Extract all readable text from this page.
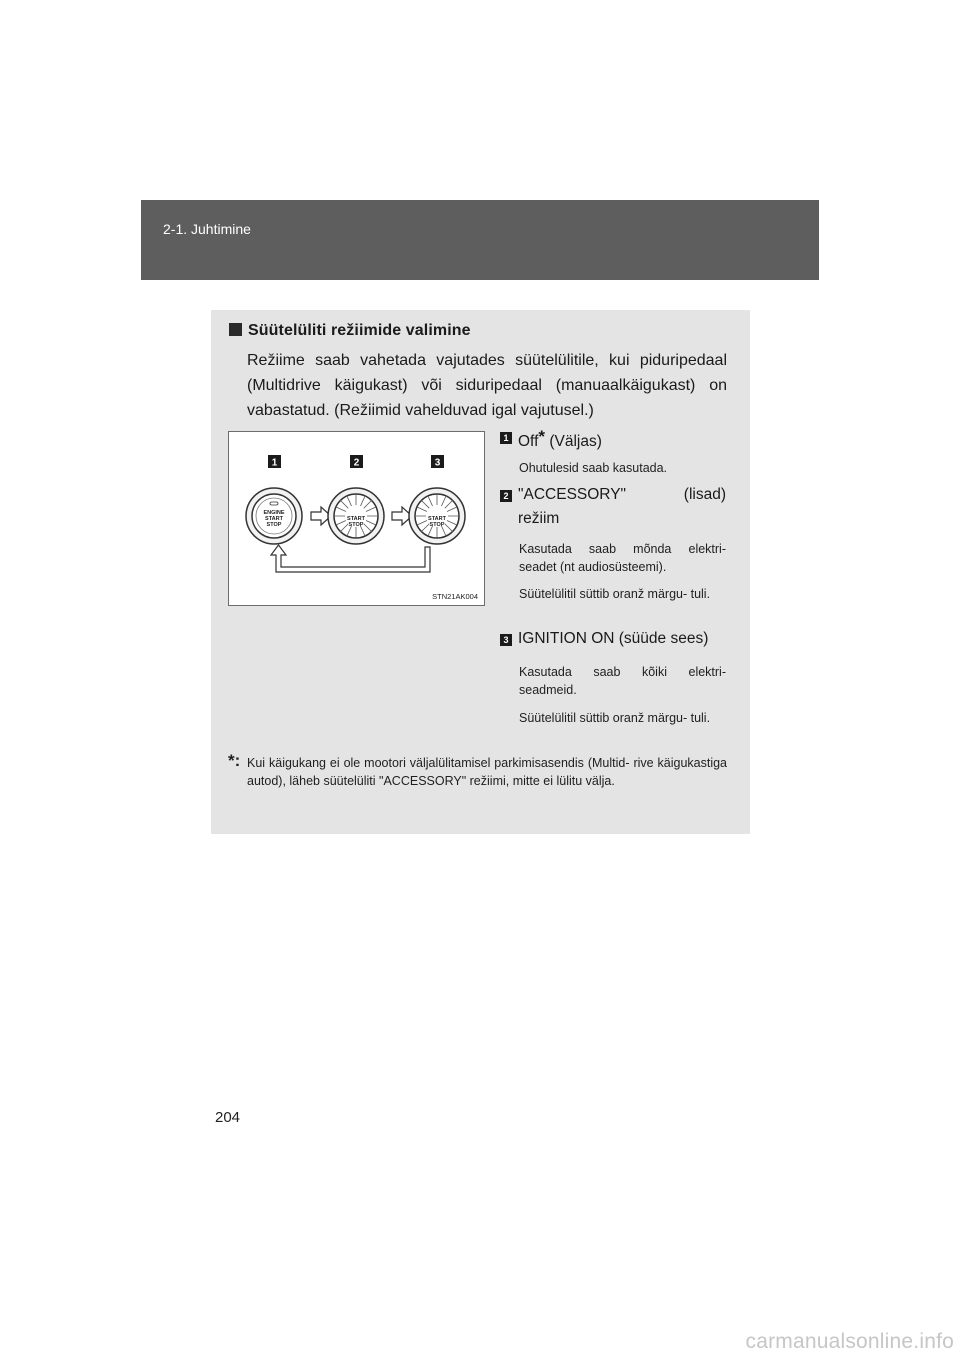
2-1. Juhtimine
Süütelüliti režiimide valimine
Režiime saab vahetada vajutades süütelülitile, kui piduripedaal (Multidrive käigukast) või siduripedaal (manuaalkäigukast) on vabastatud. (Režiimid vahelduvad igal vajutusel.)
1	2	3
ENGINE
START
STOP
START
STOP
START
STOP
STN21AK004
1 Off* (Väljas)
Ohutulesid saab kasutada.
2 "ACCESSORY" (lisad)
režiim
Kasutada saab mõnda elektri- seadet (nt audiosüsteemi).
Süütelülitil süttib oranž märgu- tuli.
3 IGNITION ON (süüde sees)
Kasutada saab kõiki elektri- seadmeid.
Süütelülitil süttib oranž märgu- tuli.
*: Kui käigukang ei ole mootori väljalülitamisel parkimisasendis (Multid- rive käigukastiga autod), läheb süütelüliti "ACCESSORY" režiimi, mitte ei lülitu välja.
204
carmanualsonline.info
